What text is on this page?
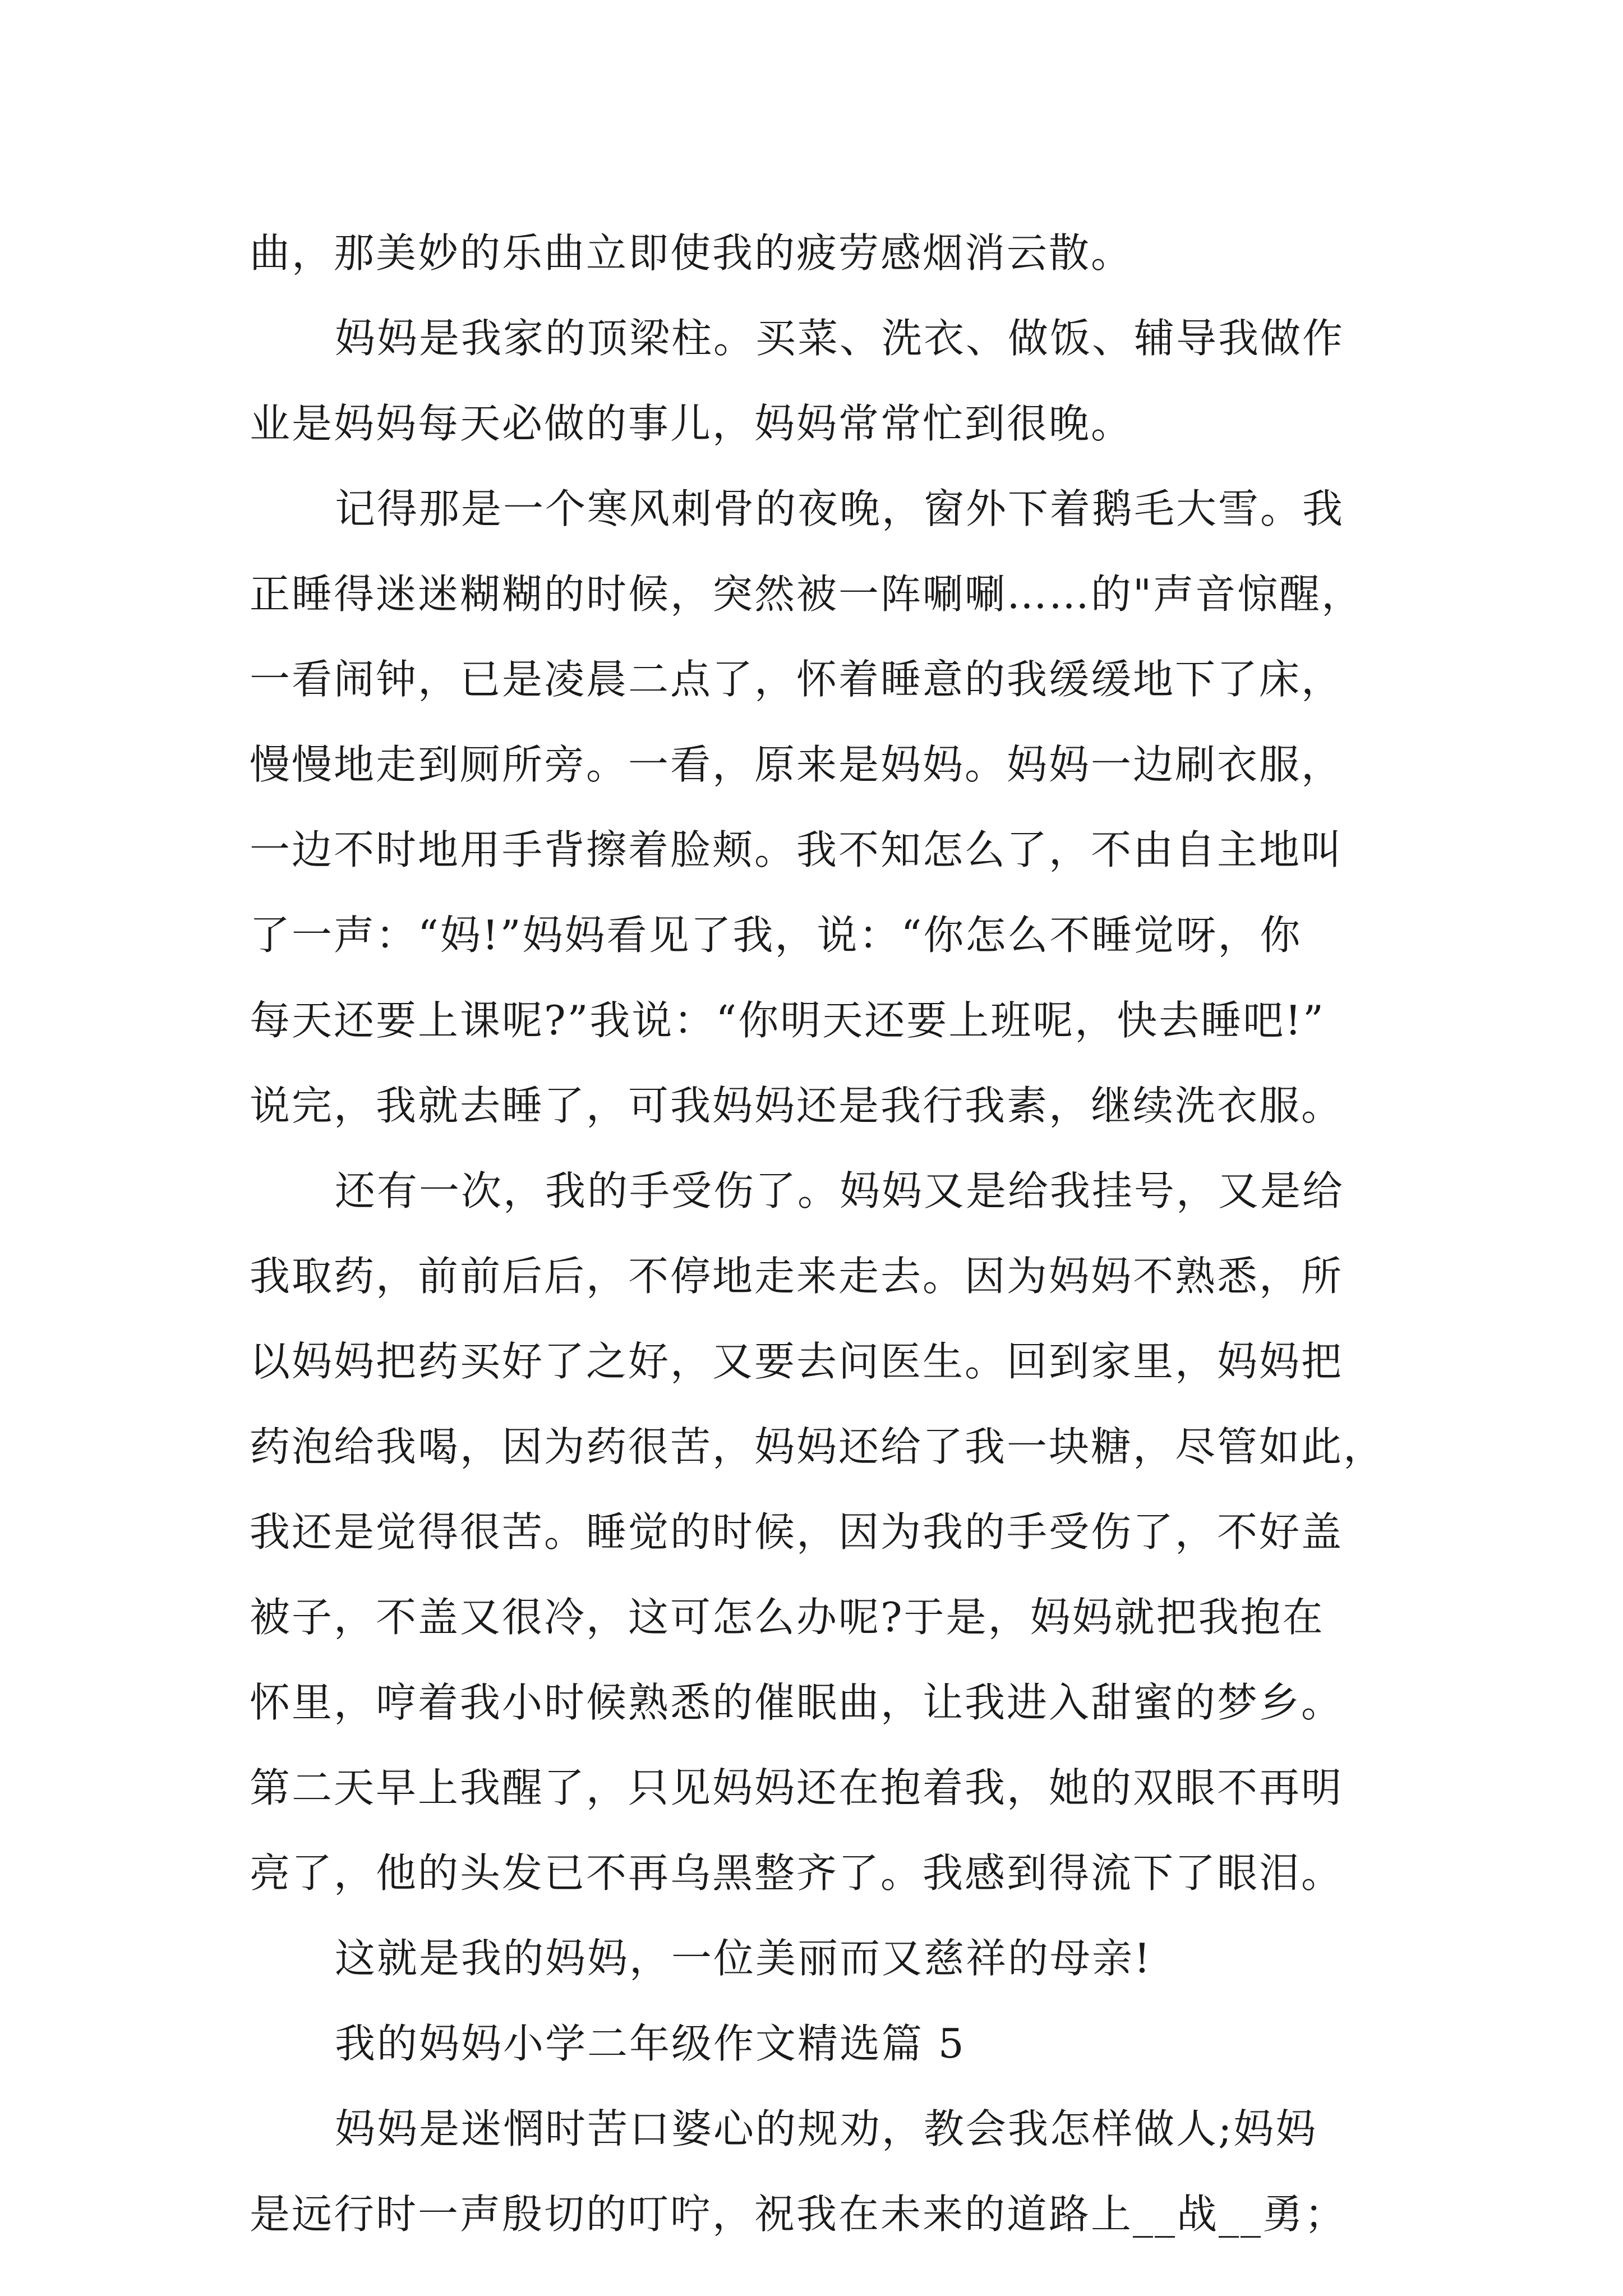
曲，那美妙的乐曲立即使我的疲劳感烟消云散。
妈妈是我家的顶梁柱。买菜、洗衣、做饭、辅导我做作
业是妈妈每天必做的事儿，妈妈常常忙到很晚。
记得那是一个寒风刺骨的夜晚，窗外下着鹅毛大雪。我
正睡得迷迷糊糊的时候，突然被一阵唰唰……的"声音惊醒，
一看闹钟，已是凌晨二点了，怀着睡意的我缓缓地下了床，
慢慢地走到厕所旁。一看，原来是妈妈。妈妈一边刷衣服，
一边不时地用手背擦着脸颊。我不知怎么了，不由自主地叫
了一声：“妈!”妈妈看见了我，说：“你怎么不睡觉呀，你
每天还要上课呢?”我说：“你明天还要上班呢，快去睡吧!”
说完，我就去睡了，可我妈妈还是我行我素，继续洗衣服。
还有一次，我的手受伤了。妈妈又是给我挂号，又是给
我取药，前前后后，不停地走来走去。因为妈妈不熟悉，所
以妈妈把药买好了之好，又要去问医生。回到家里，妈妈把
药泡给我喝，因为药很苦，妈妈还给了我一块糖，尽管如此，
我还是觉得很苦。睡觉的时候，因为我的手受伤了，不好盖
被子，不盖又很冷，这可怎么办呢?于是，妈妈就把我抱在
怀里，哼着我小时候熟悉的催眠曲，让我进入甜蜜的梦乡。
第二天早上我醒了，只见妈妈还在抱着我，她的双眼不再明
亮了，他的头发已不再乌黑整齐了。我感到得流下了眼泪。
这就是我的妈妈，一位美丽而又慈祥的母亲!
我的妈妈小学二年级作文精选篇 5
妈妈是迷惘时苦口婆心的规劝，教会我怎样做人;妈妈
是远行时一声殷切的叮咛，祝我在未来的道路上__战__勇；
